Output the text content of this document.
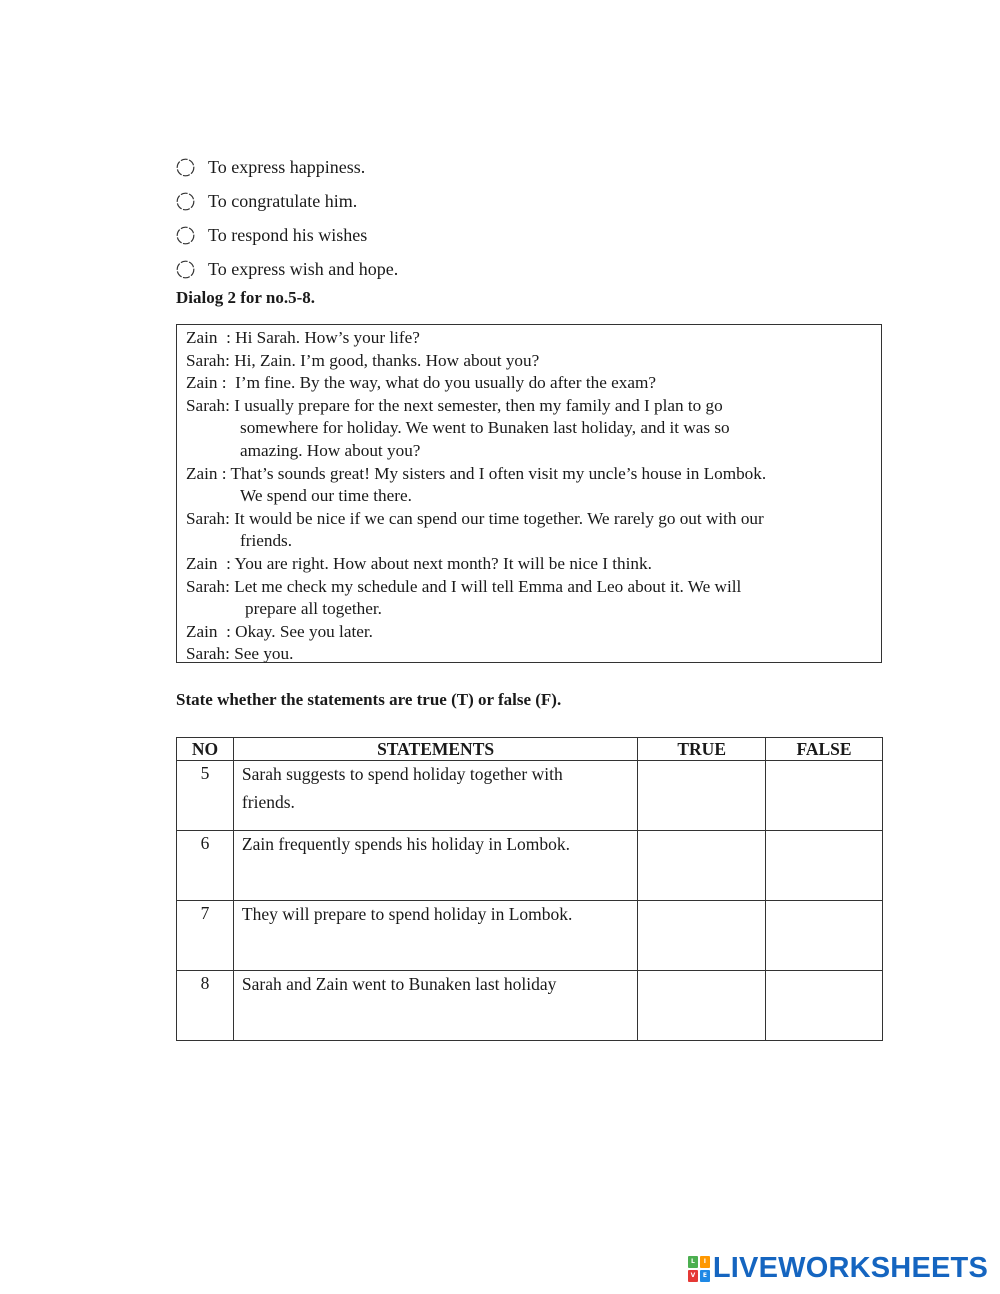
To express happiness.
To congratulate him.
To respond his wishes
To express wish and hope.
Dialog 2 for no.5-8.
Zain  : Hi Sarah. How’s your life?
Sarah: Hi, Zain. I’m good, thanks. How about you?
Zain :  I’m fine. By the way, what do you usually do after the exam?
Sarah: I usually prepare for the next semester, then my family and I plan to go
somewhere for holiday. We went to Bunaken last holiday, and it was so
amazing. How about you?
Zain : That’s sounds great! My sisters and I often visit my uncle’s house in Lombok.
We spend our time there.
Sarah: It would be nice if we can spend our time together. We rarely go out with our
friends.
Zain  : You are right. How about next month? It will be nice I think.
Sarah: Let me check my schedule and I will tell Emma and Leo about it. We will
prepare all together.
Zain  : Okay. See you later.
Sarah: See you.
State whether the statements are true (T) or false (F).
NO	STATEMENTS	TRUE	FALSE
5	Sarah suggests to spend holiday together with
friends.		

6	Zain frequently spends his holiday in Lombok.		

7	They will prepare to spend holiday in Lombok.		

8	Sarah and Zain went to Bunaken last holiday		

L	I
V	E LIVEWORKSHEETS
